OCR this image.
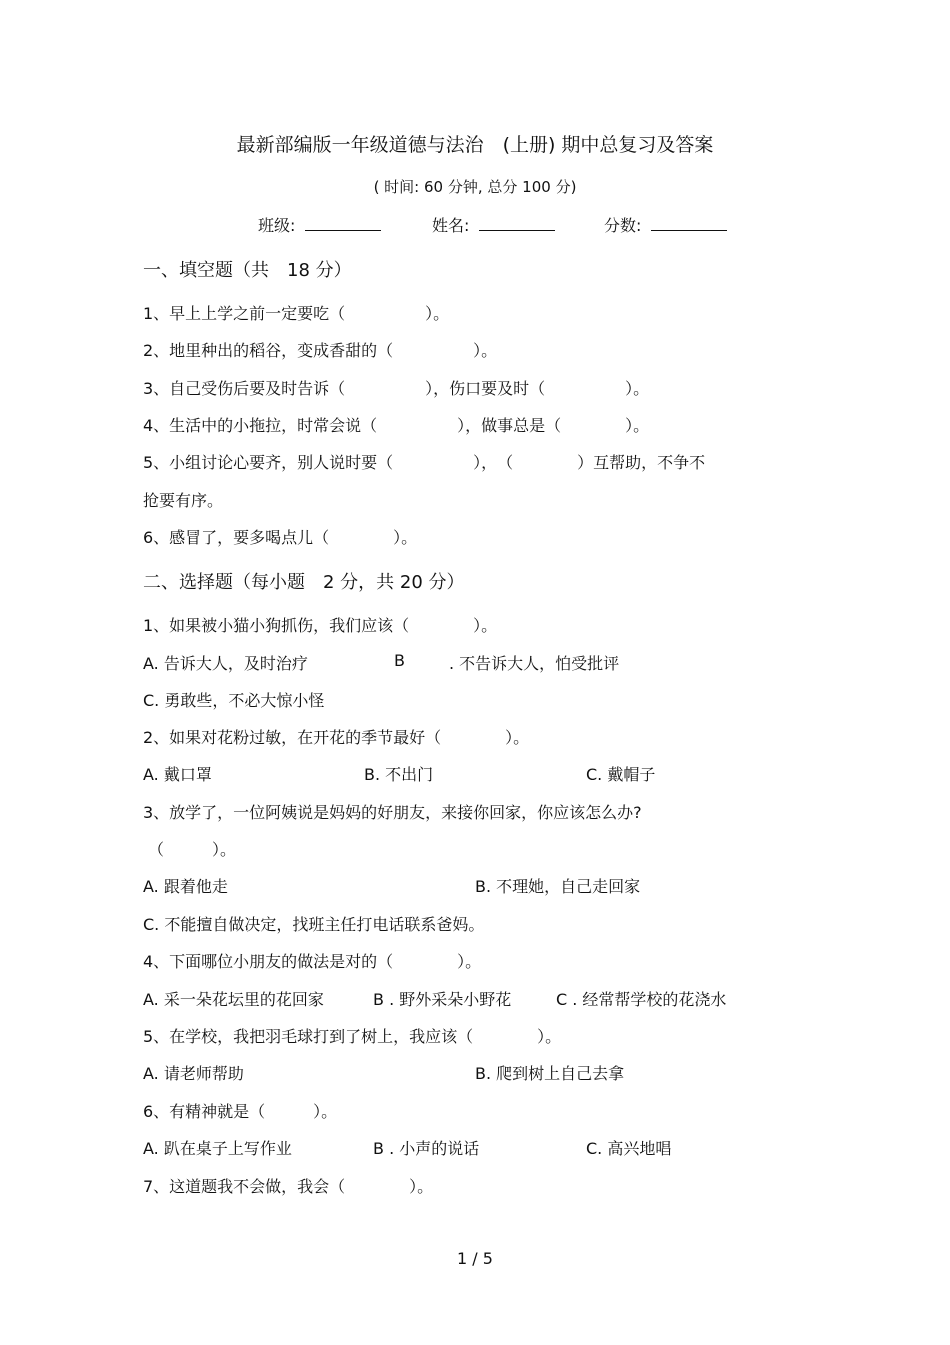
最新部编版一年级道德与法治　(上册) 期中总复习及答案
( 时间: 60 分钟, 总分 100 分)
班级:	姓名:	分数:
一、填空题（共　18 分）
1、早上上学之前一定要吃（　　　　　）。
2、地里种出的稻谷，变成香甜的（　　　　　）。
3、自己受伤后要及时告诉（　　　　　），伤口要及时（　　　　　）。
4、生活中的小拖拉，时常会说（　　　　　），做事总是（　　　　）。
5、小组讨论心要齐，别人说时要（　　　　　），　（　　　　）互帮助，不争不
抢要有序。
6、感冒了，要多喝点儿（　　　　）。
二、选择题（每小题　2 分，共 20 分）
1、如果被小猫小狗抓伤，我们应该（　　　　）。
A. 告诉大人，及时治疗	B	. 不告诉大人，怕受批评
C. 勇敢些，不必大惊小怪
2、如果对花粉过敏，在开花的季节最好（　　　　）。
A. 戴口罩	B. 不出门	C. 戴帽子
3、放学了，一位阿姨说是妈妈的好朋友，来接你回家，你应该怎么办?
（　　　）。
A. 跟着他走	B. 不理她，自己走回家
C. 不能擅自做决定，找班主任打电话联系爸妈。
4、下面哪位小朋友的做法是对的（　　　　）。
A. 采一朵花坛里的花回家	B . 野外采朵小野花	C . 经常帮学校的花浇水
5、在学校，我把羽毛球打到了树上，我应该（　　　　）。
A. 请老师帮助	B. 爬到树上自己去拿
6、有精神就是（　　　）。
A. 趴在桌子上写作业	B . 小声的说话	C. 高兴地唱
7、这道题我不会做，我会（　　　　）。
1 / 5
